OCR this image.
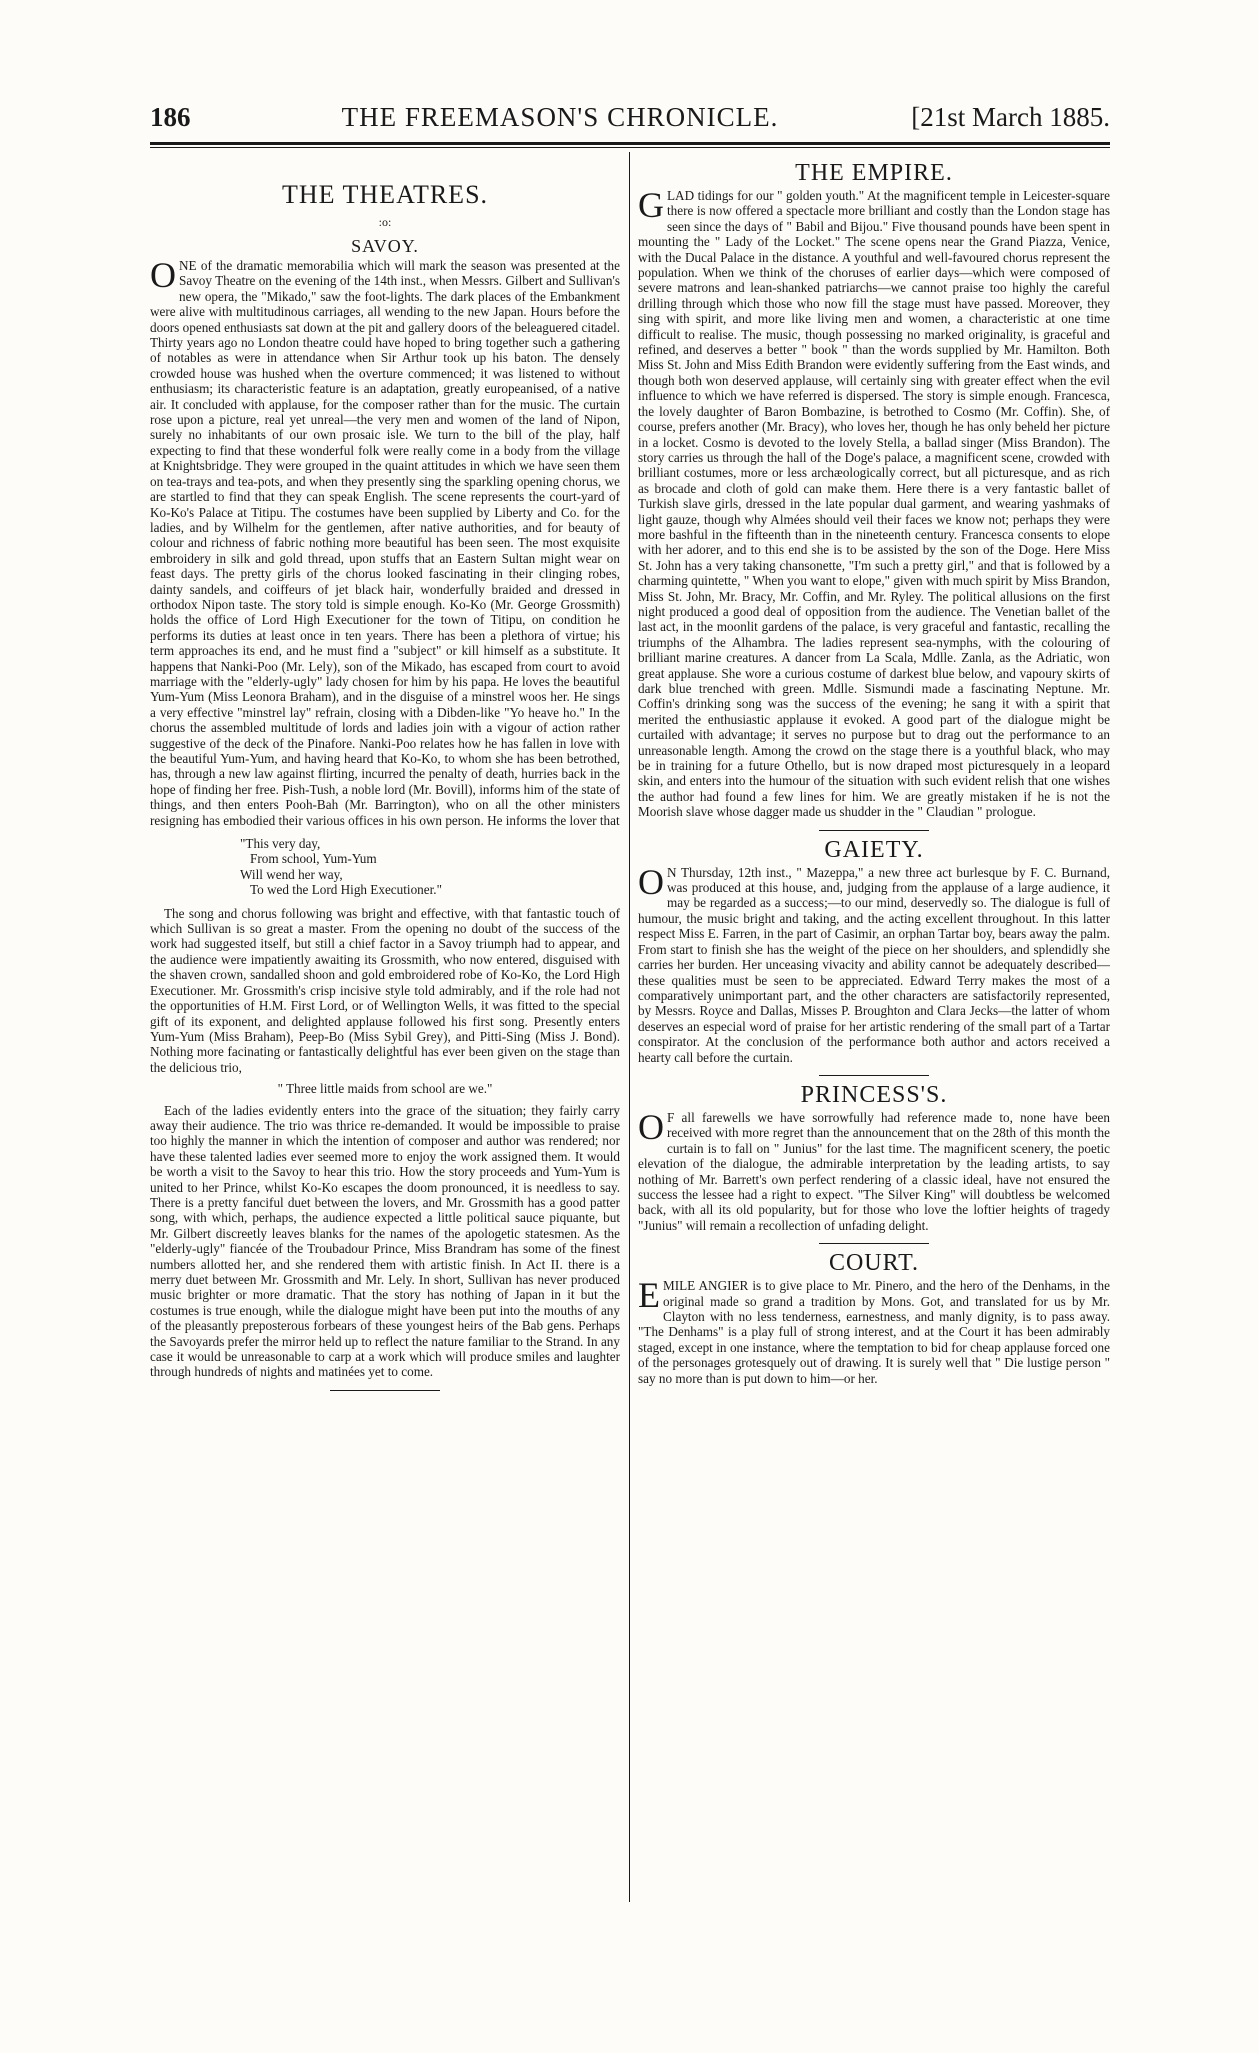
186	THE FREEMASON'S CHRONICLE.	[21st March 1885.
THE THEATRES.
:o:
SAVOY.

ONE of the dramatic memorabilia which will mark the season was presented at the Savoy Theatre on the evening of the 14th inst., when Messrs. Gilbert and Sullivan's new opera, the "Mikado," saw the foot-lights. The dark places of the Embankment were alive with multitudinous carriages, all wending to the new Japan. Hours before the doors opened enthusiasts sat down at the pit and gallery doors of the beleaguered citadel. Thirty years ago no London theatre could have hoped to bring together such a gathering of notables as were in attendance when Sir Arthur took up his baton. The densely crowded house was hushed when the overture commenced; it was listened to without enthusiasm; its characteristic feature is an adaptation, greatly europeanised, of a native air. It concluded with applause, for the composer rather than for the music. The curtain rose upon a picture, real yet unreal—the very men and women of the land of Nipon, surely no inhabitants of our own prosaic isle. We turn to the bill of the play, half expecting to find that these wonderful folk were really come in a body from the village at Knightsbridge. They were grouped in the quaint attitudes in which we have seen them on tea-trays and tea-pots, and when they presently sing the sparkling opening chorus, we are startled to find that they can speak English. The scene represents the court-yard of Ko-Ko's Palace at Titipu. The costumes have been supplied by Liberty and Co. for the ladies, and by Wilhelm for the gentlemen, after native authorities, and for beauty of colour and richness of fabric nothing more beautiful has been seen. The most exquisite embroidery in silk and gold thread, upon stuffs that an Eastern Sultan might wear on feast days. The pretty girls of the chorus looked fascinating in their clinging robes, dainty sandels, and coiffeurs of jet black hair, wonderfully braided and dressed in orthodox Nipon taste. The story told is simple enough. Ko-Ko (Mr. George Grossmith) holds the office of Lord High Executioner for the town of Titipu, on condition he performs its duties at least once in ten years. There has been a plethora of virtue; his term approaches its end, and he must find a "subject" or kill himself as a substitute. It happens that Nanki-Poo (Mr. Lely), son of the Mikado, has escaped from court to avoid marriage with the "elderly-ugly" lady chosen for him by his papa. He loves the beautiful Yum-Yum (Miss Leonora Braham), and in the disguise of a minstrel woos her. He sings a very effective "minstrel lay" refrain, closing with a Dibden-like "Yo heave ho." In the chorus the assembled multitude of lords and ladies join with a vigour of action rather suggestive of the deck of the Pinafore. Nanki-Poo relates how he has fallen in love with the beautiful Yum-Yum, and having heard that Ko-Ko, to whom she has been betrothed, has, through a new law against flirting, incurred the penalty of death, hurries back in the hope of finding her free. Pish-Tush, a noble lord (Mr. Bovill), informs him of the state of things, and then enters Pooh-Bah (Mr. Barrington), who on all the other ministers resigning has embodied their various offices in his own person. He informs the lover that

"This very day,
From school, Yum-Yum
Will wend her way,
To wed the Lord High Executioner."

The song and chorus following was bright and effective, with that fantastic touch of which Sullivan is so great a master. From the opening no doubt of the success of the work had suggested itself, but still a chief factor in a Savoy triumph had to appear, and the audience were impatiently awaiting its Grossmith, who now entered, disguised with the shaven crown, sandalled shoon and gold embroidered robe of Ko-Ko, the Lord High Executioner. Mr. Grossmith's crisp incisive style told admirably, and if the role had not the opportunities of H.M. First Lord, or of Wellington Wells, it was fitted to the special gift of its exponent, and delighted applause followed his first song. Presently enters Yum-Yum (Miss Braham), Peep-Bo (Miss Sybil Grey), and Pitti-Sing (Miss J. Bond). Nothing more facinating or fantastically delightful has ever been given on the stage than the delicious trio,

" Three little maids from school are we."

Each of the ladies evidently enters into the grace of the situation; they fairly carry away their audience. The trio was thrice re-demanded. It would be impossible to praise too highly the manner in which the intention of composer and author was rendered; nor have these talented ladies ever seemed more to enjoy the work assigned them. It would be worth a visit to the Savoy to hear this trio. How the story proceeds and Yum-Yum is united to her Prince, whilst Ko-Ko escapes the doom pronounced, it is needless to say. There is a pretty fanciful duet between the lovers, and Mr. Grossmith has a good patter song, with which, perhaps, the audience expected a little political sauce piquante, but Mr. Gilbert discreetly leaves blanks for the names of the apologetic statesmen. As the "elderly-ugly" fiancée of the Troubadour Prince, Miss Brandram has some of the finest numbers allotted her, and she rendered them with artistic finish. In Act II. there is a merry duet between Mr. Grossmith and Mr. Lely. In short, Sullivan has never produced music brighter or more dramatic. That the story has nothing of Japan in it but the costumes is true enough, while the dialogue might have been put into the mouths of any of the pleasantly preposterous forbears of these youngest heirs of the Bab gens. Perhaps the Savoyards prefer the mirror held up to reflect the nature familiar to the Strand. In any case it would be unreasonable to carp at a work which will produce smiles and laughter through hundreds of nights and matinées yet to come.

THE EMPIRE.

GLAD tidings for our " golden youth." At the magnificent temple in Leicester-square there is now offered a spectacle more brilliant and costly than the London stage has seen since the days of " Babil and Bijou." Five thousand pounds have been spent in mounting the " Lady of the Locket." The scene opens near the Grand Piazza, Venice, with the Ducal Palace in the distance. A youthful and well-favoured chorus represent the population. When we think of the choruses of earlier days—which were composed of severe matrons and lean-shanked patriarchs—we cannot praise too highly the careful drilling through which those who now fill the stage must have passed. Moreover, they sing with spirit, and more like living men and women, a characteristic at one time difficult to realise. The music, though possessing no marked originality, is graceful and refined, and deserves a better " book " than the words supplied by Mr. Hamilton. Both Miss St. John and Miss Edith Brandon were evidently suffering from the East winds, and though both won deserved applause, will certainly sing with greater effect when the evil influence to which we have referred is dispersed. The story is simple enough. Francesca, the lovely daughter of Baron Bombazine, is betrothed to Cosmo (Mr. Coffin). She, of course, prefers another (Mr. Bracy), who loves her, though he has only beheld her picture in a locket. Cosmo is devoted to the lovely Stella, a ballad singer (Miss Brandon). The story carries us through the hall of the Doge's palace, a magnificent scene, crowded with brilliant costumes, more or less archæologically correct, but all picturesque, and as rich as brocade and cloth of gold can make them. Here there is a very fantastic ballet of Turkish slave girls, dressed in the late popular dual garment, and wearing yashmaks of light gauze, though why Almées should veil their faces we know not; perhaps they were more bashful in the fifteenth than in the nineteenth century. Francesca consents to elope with her adorer, and to this end she is to be assisted by the son of the Doge. Here Miss St. John has a very taking chansonette, "I'm such a pretty girl," and that is followed by a charming quintette, " When you want to elope," given with much spirit by Miss Brandon, Miss St. John, Mr. Bracy, Mr. Coffin, and Mr. Ryley. The political allusions on the first night produced a good deal of opposition from the audience. The Venetian ballet of the last act, in the moonlit gardens of the palace, is very graceful and fantastic, recalling the triumphs of the Alhambra. The ladies represent sea-nymphs, with the colouring of brilliant marine creatures. A dancer from La Scala, Mdlle. Zanla, as the Adriatic, won great applause. She wore a curious costume of darkest blue below, and vapoury skirts of dark blue trenched with green. Mdlle. Sismundi made a fascinating Neptune. Mr. Coffin's drinking song was the success of the evening; he sang it with a spirit that merited the enthusiastic applause it evoked. A good part of the dialogue might be curtailed with advantage; it serves no purpose but to drag out the performance to an unreasonable length. Among the crowd on the stage there is a youthful black, who may be in training for a future Othello, but is now draped most picturesquely in a leopard skin, and enters into the humour of the situation with such evident relish that one wishes the author had found a few lines for him. We are greatly mistaken if he is not the Moorish slave whose dagger made us shudder in the " Claudian " prologue.

GAIETY.

O N Thursday, 12th inst., " Mazeppa," a new three act burlesque by F. C. Burnand, was produced at this house, and, judging from the applause of a large audience, it may be regarded as a success;—to our mind, deservedly so. The dialogue is full of humour, the music bright and taking, and the acting excellent throughout. In this latter respect Miss E. Farren, in the part of Casimir, an orphan Tartar boy, bears away the palm. From start to finish she has the weight of the piece on her shoulders, and splendidly she carries her burden. Her unceasing vivacity and ability cannot be adequately described—these qualities must be seen to be appreciated. Edward Terry makes the most of a comparatively unimportant part, and the other characters are satisfactorily represented, by Messrs. Royce and Dallas, Misses P. Broughton and Clara Jecks—the latter of whom deserves an especial word of praise for her artistic rendering of the small part of a Tartar conspirator. At the conclusion of the performance both author and actors received a hearty call before the curtain.

PRINCESS'S.

O F all farewells we have sorrowfully had reference made to, none have been received with more regret than the announcement that on the 28th of this month the curtain is to fall on " Junius" for the last time. The magnificent scenery, the poetic elevation of the dialogue, the admirable interpretation by the leading artists, to say nothing of Mr. Barrett's own perfect rendering of a classic ideal, have not ensured the success the lessee had a right to expect. "The Silver King" will doubtless be welcomed back, with all its old popularity, but for those who love the loftier heights of tragedy "Junius" will remain a recollection of unfading delight.

COURT.

EMILE ANGIER is to give place to Mr. Pinero, and the hero of the Denhams, in the original made so grand a tradition by Mons. Got, and translated for us by Mr. Clayton with no less tenderness, earnestness, and manly dignity, is to pass away. "The Denhams" is a play full of strong interest, and at the Court it has been admirably staged, except in one instance, where the temptation to bid for cheap applause forced one of the personages grotesquely out of drawing. It is surely well that " Die lustige person " say no more than is put down to him—or her.
